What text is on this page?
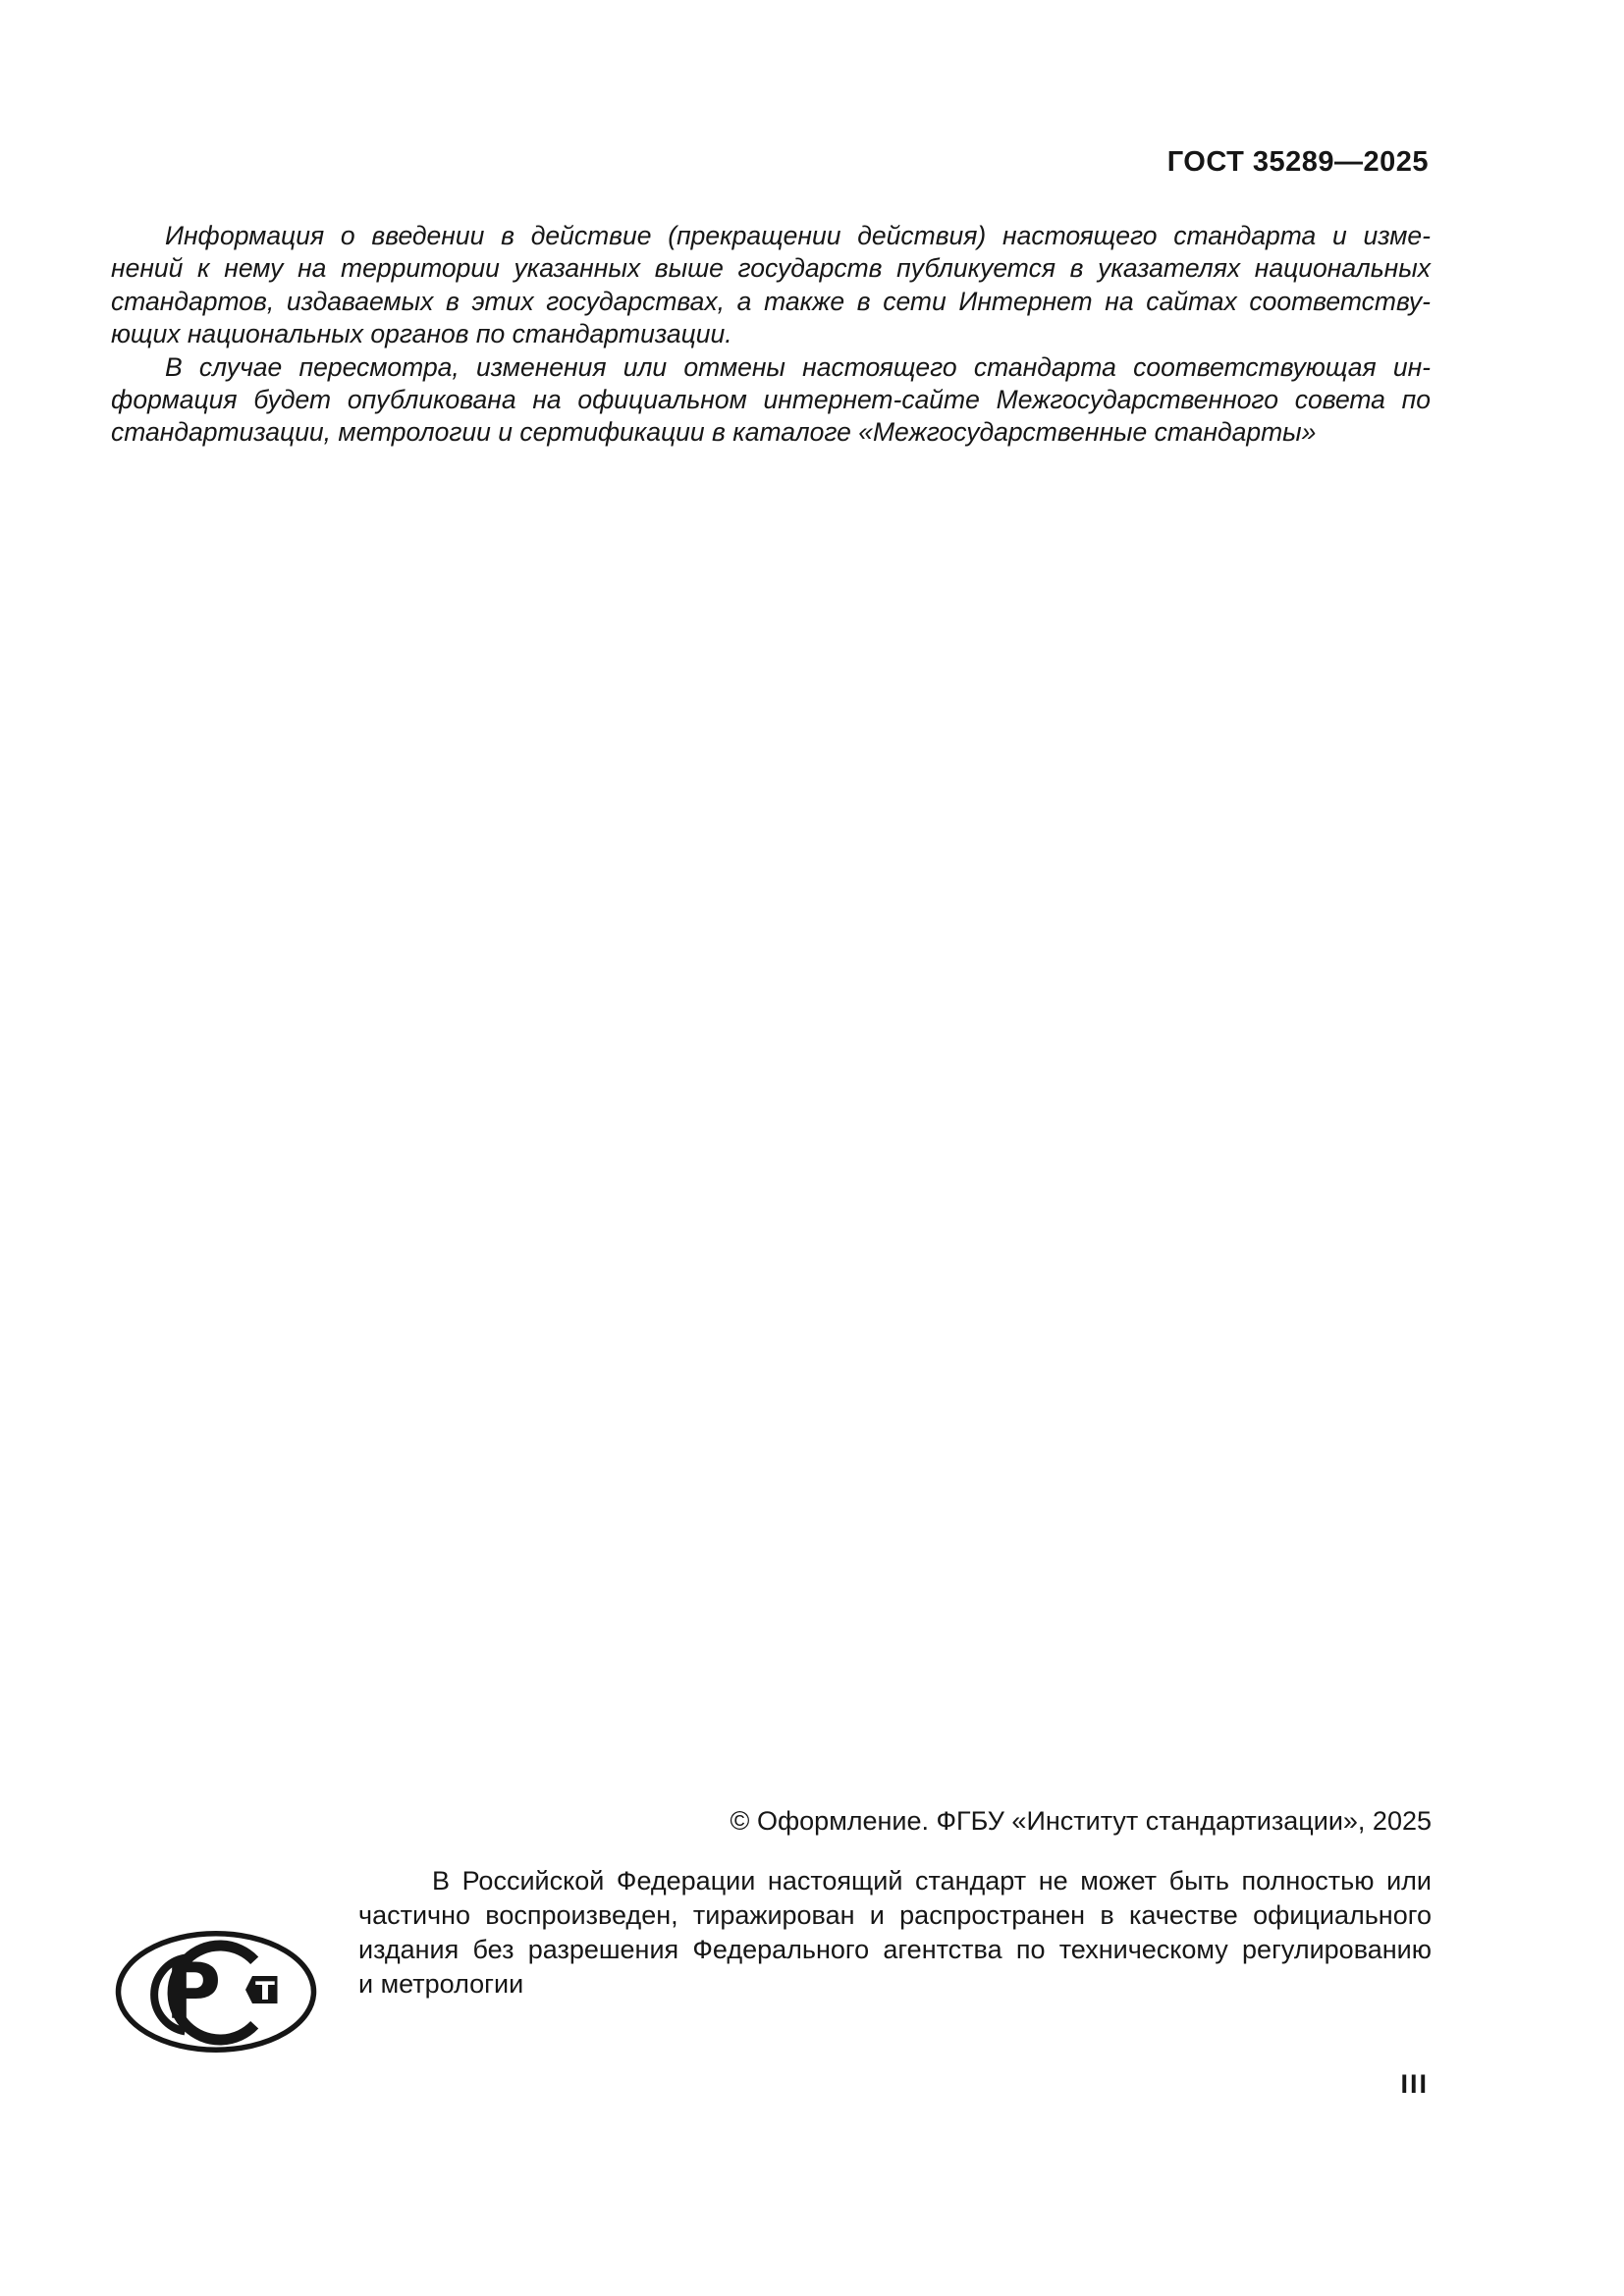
ГОСТ 35289—2025
Информация о введении в действие (прекращении действия) настоящего стандарта и изме-
нений к нему на территории указанных выше государств публикуется в указателях национальных
стандартов, издаваемых в этих государствах, а также в сети Интернет на сайтах соответству-
ющих национальных органов по стандартизации.
В случае пересмотра, изменения или отмены настоящего стандарта соответствующая ин-
формация будет опубликована на официальном интернет-сайте Межгосударственного совета по
стандартизации, метрологии и сертификации в каталоге «Межгосударственные стандарты»
© Оформление. ФГБУ «Институт стандартизации», 2025
В Российской Федерации настоящий стандарт не может быть полностью или
частично воспроизведен, тиражирован и распространен в качестве официального
издания без разрешения Федерального агентства по техническому регулированию
и метрологии
Р т
III
